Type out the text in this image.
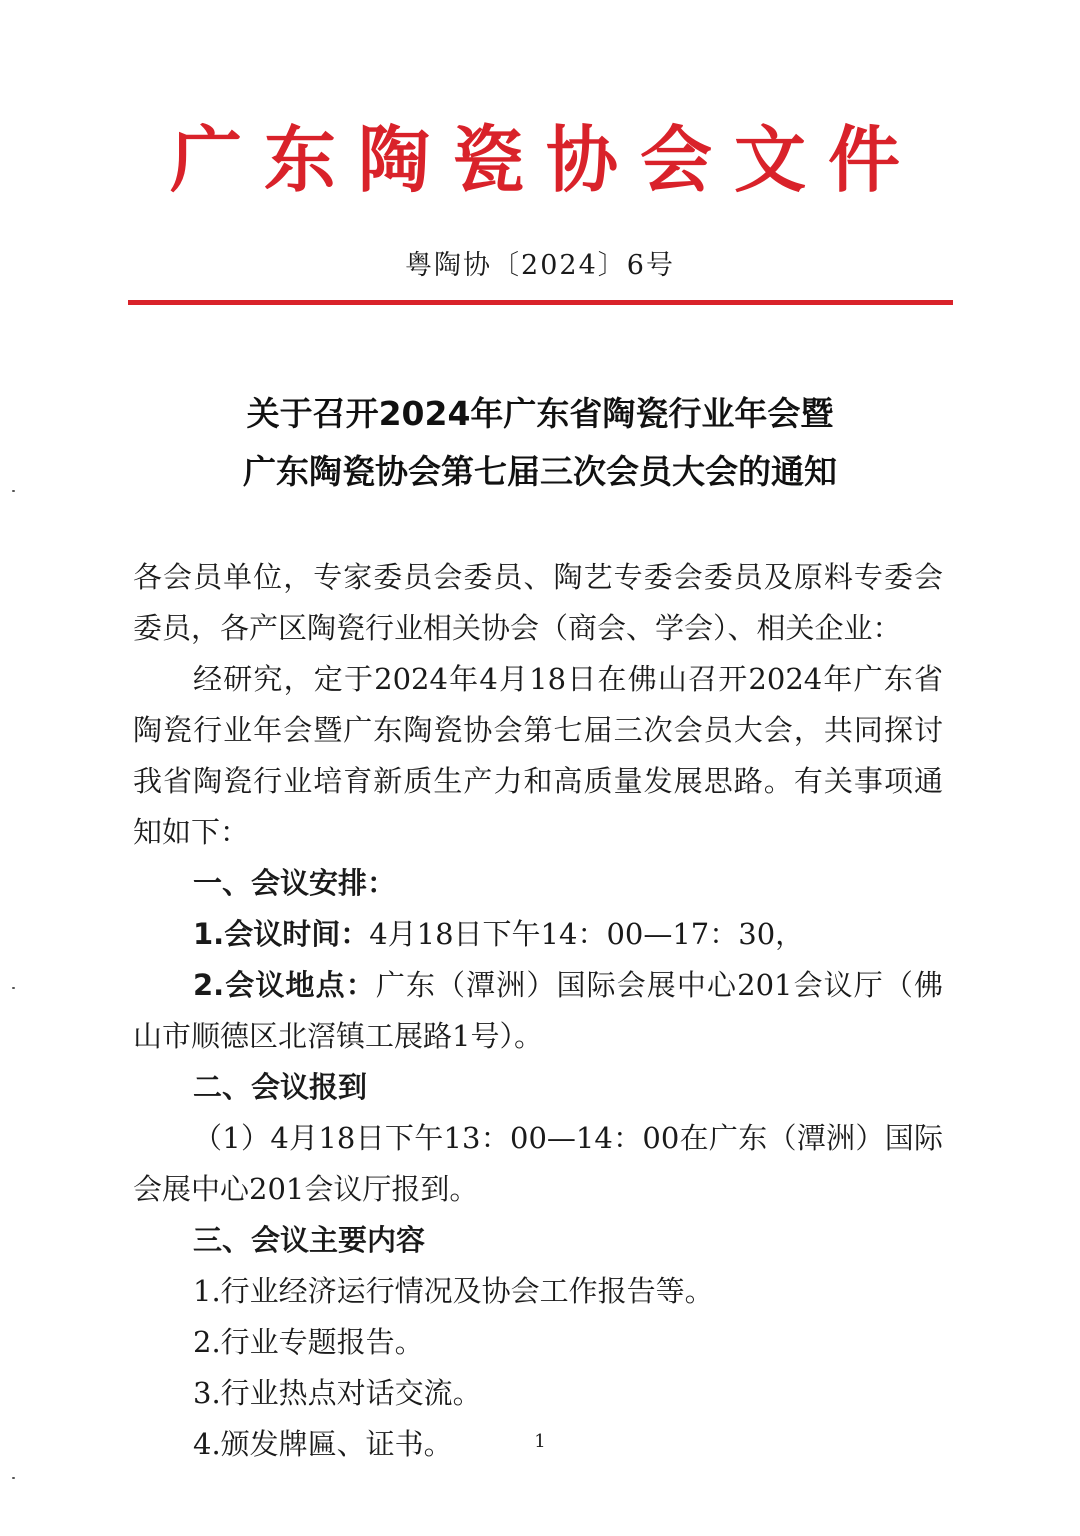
广东陶瓷协会文件
粤陶协〔2024〕6号
关于召开2024年广东省陶瓷行业年会暨
广东陶瓷协会第七届三次会员大会的通知

各会员单位，专家委员会委员、陶艺专委会委员及原料专委会委员，各产区陶瓷行业相关协会（商会、学会）、相关企业：

经研究，定于2024年4月18日在佛山召开2024年广东省陶瓷行业年会暨广东陶瓷协会第七届三次会员大会，共同探讨我省陶瓷行业培育新质生产力和高质量发展思路。有关事项通知如下：

一、会议安排：

1.会议时间：4月18日下午14：00—17：30，

2.会议地点：广东（潭洲）国际会展中心201会议厅（佛山市顺德区北滘镇工展路1号）。

二、会议报到

（1）4月18日下午13：00—14：00在广东（潭洲）国际会展中心201会议厅报到。

三、会议主要内容

1.行业经济运行情况及协会工作报告等。

2.行业专题报告。

3.行业热点对话交流。

4.颁发牌匾、证书。	1
